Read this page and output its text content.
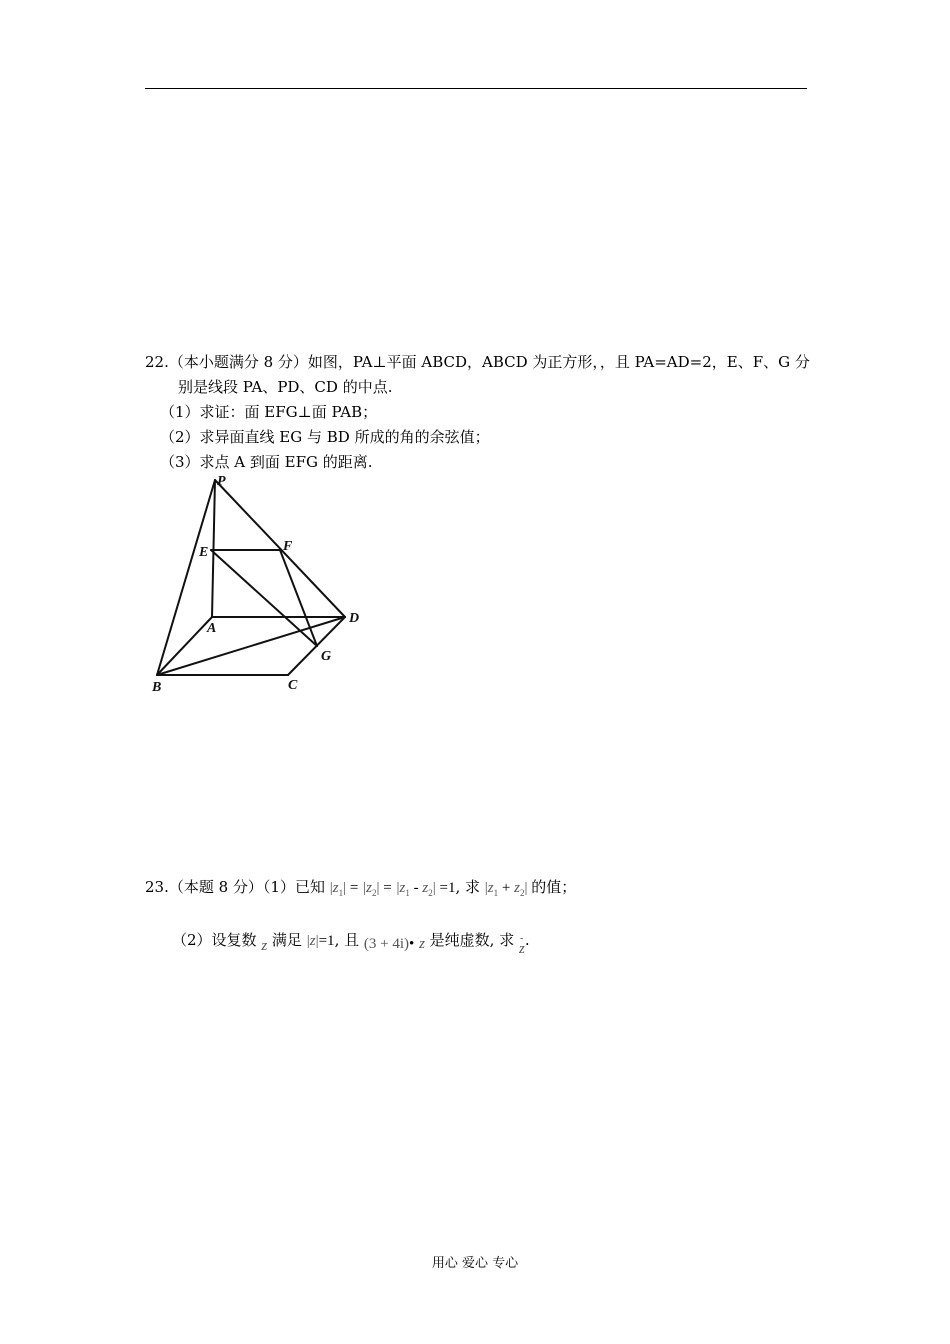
22.（本小题满分 8 分）如图，PA⊥平面 ABCD，ABCD 为正方形，，且 PA=AD=2，E、F、G 分
别是线段 PA、PD、CD 的中点.
（1）求证：面 EFG⊥面 PAB；
（2）求异面直线 EG 与 BD 所成的角的余弦值；
（3）求点 A 到面 EFG 的距离.
P
E	F
A
D
G
B	C
23.（本题 8 分）（1）已知 $|z_1| = |z_2| = |z_1 - z_2| =1$, 求 $|z_1 + z_2|$ 的值；
（2）设复数 z 满足 |z|=1, 且 (3 + 4i)• z 是纯虚数, 求 -
z.
用心 爱心 专心
